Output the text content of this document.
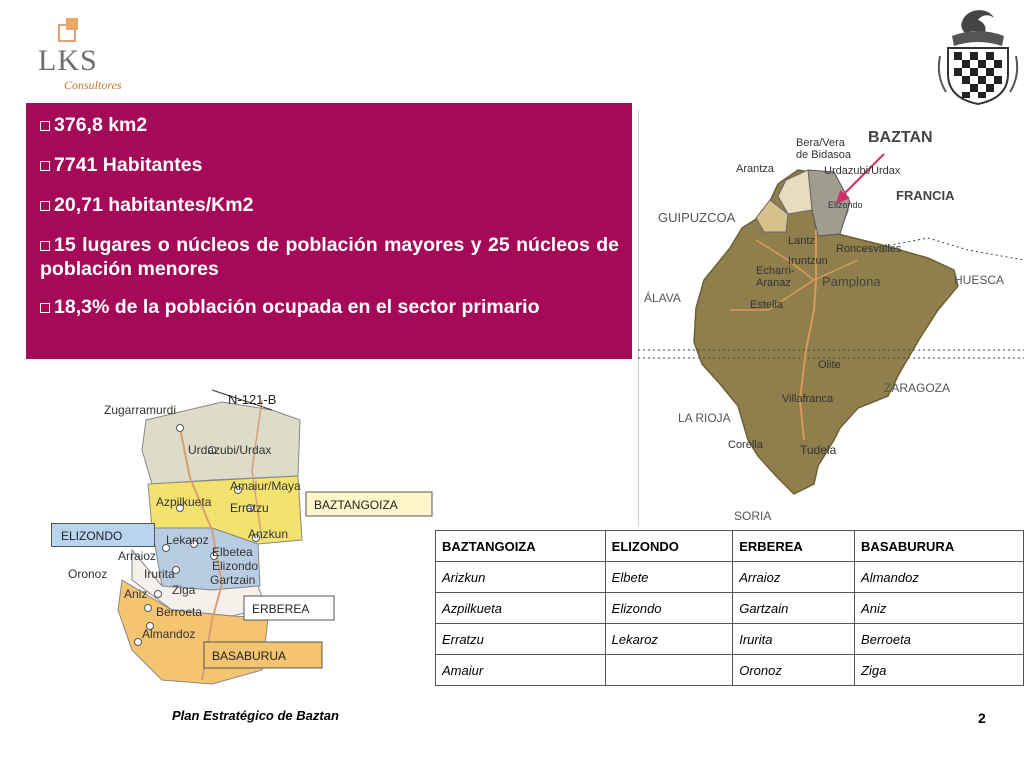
LKS
Consultores
376,8 km2
7741 Habitantes
20,71 habitantes/Km2
15 lugares o núcleos de población mayores y 25 núcleos de población menores
18,3% de la población ocupada en el sector primario
BAZTAN
Bera/Vera
de Bidasoa
Arantza	Urdazubi/Urdax
FRANCIA
Elizondo
GUIPUZCOA
Lantz
Roncesvalles
Iruntzun
Echarri-
Aranaz Pamplona	HUESCA
ÁLAVA	Estella
Olite
ZARAGOZA
Villafranca
LA RIOJA
Corella	Tudela
SORIA
N-121-B
Zugarramurdi
Urdazubi/Urdax
Amaiur/Maya
Azpilkueta Erratzu
Anzkun
Lekaroz
Elbetea
Elizondo
Arraioz
Oronoz	Irurita	Gartzain
Ziga
Aniz
Berroeta
Almandoz
BAZTANGOIZA
ERBEREA
BASABURUA
ELIZONDO
BAZTANGOIZA	ELIZONDO	ERBEREA	BASABURURA
Arizkun	Elbete	Arraioz	Almandoz
Azpilkueta	Elizondo	Gartzain	Aniz
Erratzu	Lekaroz	Irurita	Berroeta
Amaiur		Oronoz	Ziga
Plan Estratégico de Baztan	2
